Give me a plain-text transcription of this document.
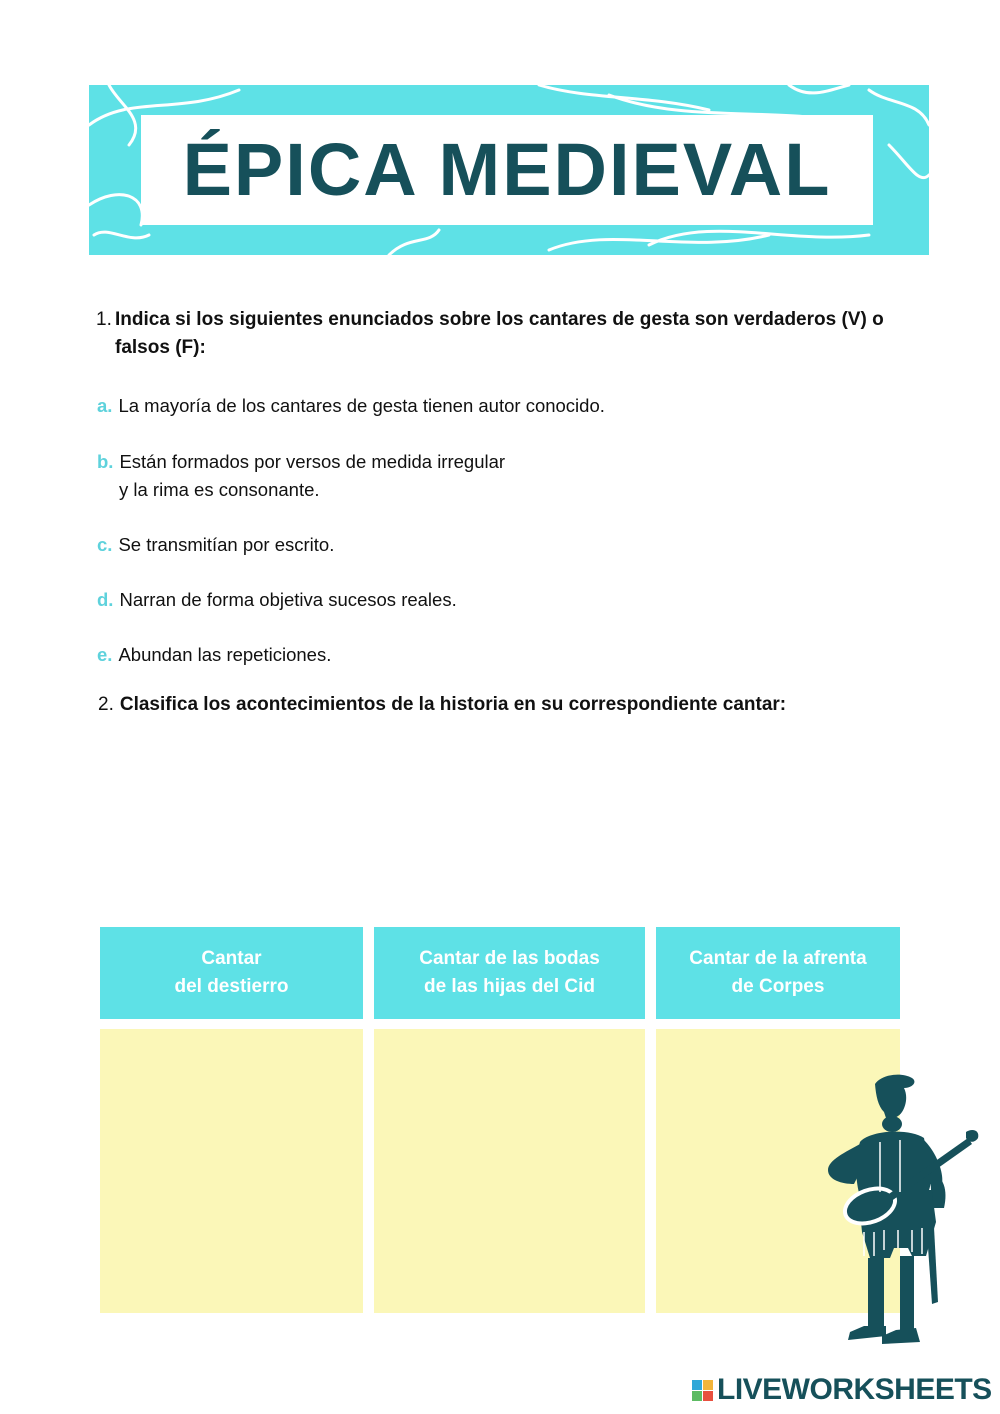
ÉPICA MEDIEVAL
1. Indica si los siguientes enunciados sobre los cantares de gesta son verdaderos (V) o falsos (F):
a. La mayoría de los cantares de gesta tienen autor conocido.
b. Están formados por versos de medida irregular
y la rima es consonante.
c. Se transmitían por escrito.
d. Narran de forma objetiva sucesos reales.
e. Abundan las repeticiones.
2. Clasifica los acontecimientos de la historia en su correspondiente cantar:
Cantar
del destierro
Cantar de las bodas
de las hijas del Cid
Cantar de la afrenta
de Corpes
LIVEWORKSHEETS
